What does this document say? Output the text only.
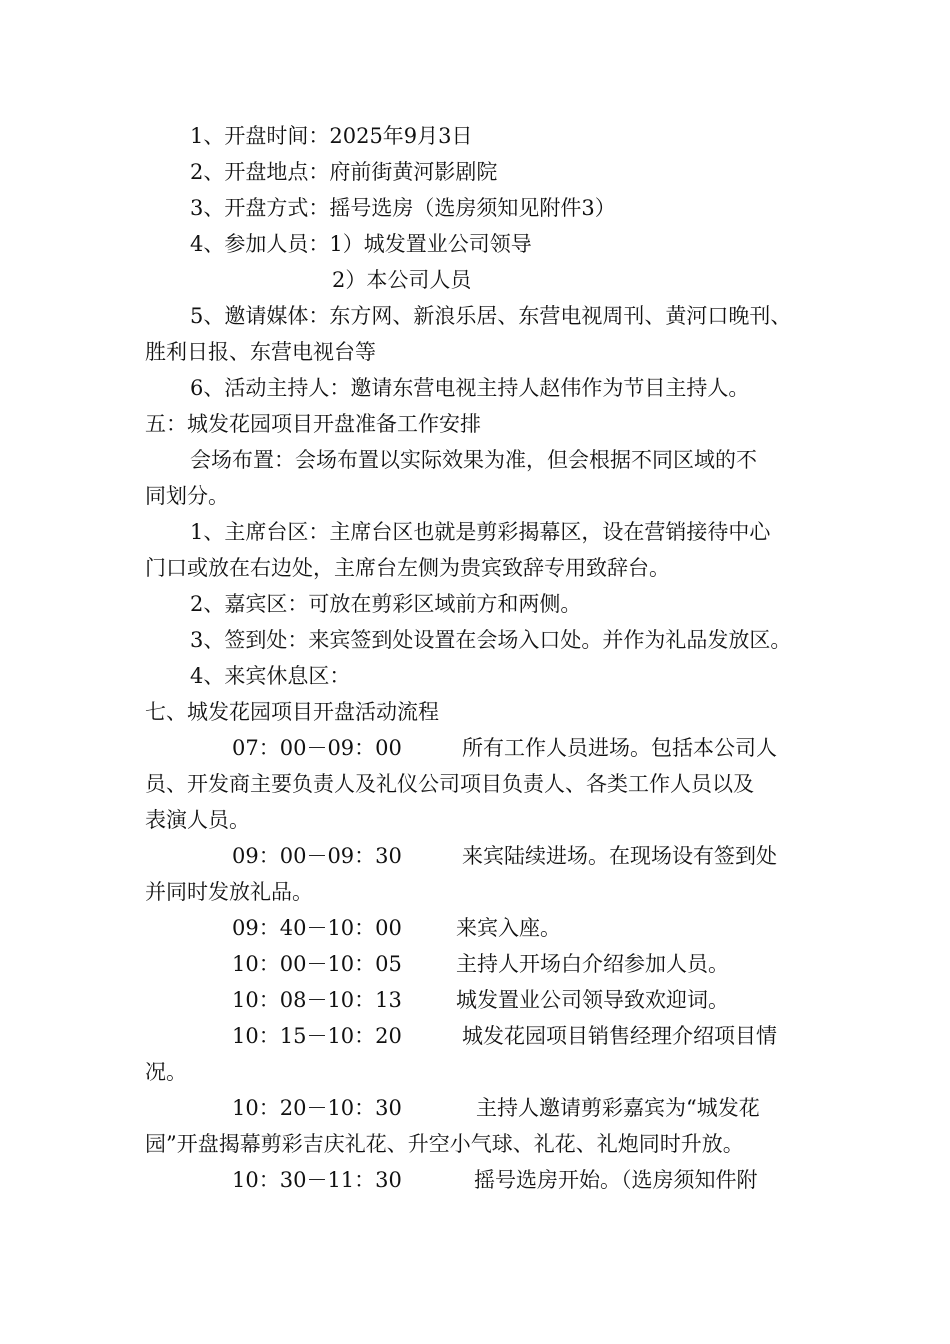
1、开盘时间：2025年9月3日
2、开盘地点：府前街黄河影剧院
3、开盘方式：摇号选房（选房须知见附件3）
4、参加人员：1）城发置业公司领导
2）本公司人员
5、邀请媒体：东方网、新浪乐居、东营电视周刊、黄河口晚刊、
胜利日报、东营电视台等
6、活动主持人：邀请东营电视主持人赵伟作为节目主持人。
五：城发花园项目开盘准备工作安排
会场布置：会场布置以实际效果为准，但会根据不同区域的不
同划分。
1、主席台区：主席台区也就是剪彩揭幕区，设在营销接待中心
门口或放在右边处，主席台左侧为贵宾致辞专用致辞台。
2、嘉宾区：可放在剪彩区域前方和两侧。
3、签到处：来宾签到处设置在会场入口处。并作为礼品发放区。
4、来宾休息区：
七、城发花园项目开盘活动流程
07：00－09：00	所有工作人员进场。包括本公司人
员、开发商主要负责人及礼仪公司项目负责人、各类工作人员以及
表演人员。
09：00－09：30	来宾陆续进场。在现场设有签到处
并同时发放礼品。
09：40－10：00	来宾入座。
10：00－10：05	主持人开场白介绍参加人员。
10：08－10：13	城发置业公司领导致欢迎词。
10：15－10：20	城发花园项目销售经理介绍项目情
况。
10：20－10：30	主持人邀请剪彩嘉宾为“城发花
园”开盘揭幕剪彩吉庆礼花、升空小气球、礼花、礼炮同时升放。
10：30－11：30	摇号选房开始。（选房须知件附
